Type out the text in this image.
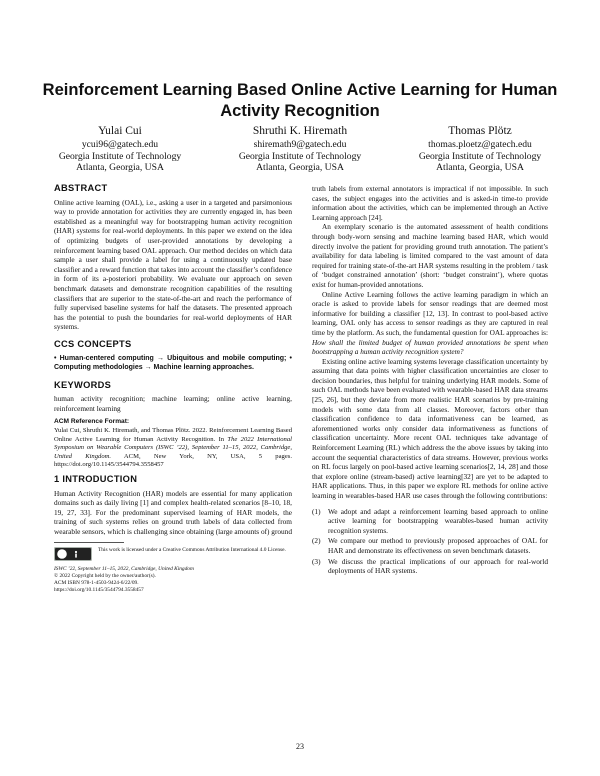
Reinforcement Learning Based Online Active Learning for Human Activity Recognition
Yulai Cui
ycui96@gatech.edu
Georgia Institute of Technology
Atlanta, Georgia, USA
Shruthi K. Hiremath
shiremath9@gatech.edu
Georgia Institute of Technology
Atlanta, Georgia, USA
Thomas Plötz
thomas.ploetz@gatech.edu
Georgia Institute of Technology
Atlanta, Georgia, USA
ABSTRACT

Online active learning (OAL), i.e., asking a user in a targeted and parsimonious way to provide annotation for activities they are currently engaged in, has been established as a meaningful way for bootstrapping human activity recognition (HAR) systems for real-world deployments. In this paper we extend on the idea of optimizing budgets of user-provided annotations by developing a reinforcement learning based OAL approach. Our method decides on which data sample a user shall provide a label for using a continuously updated base classifier and a reward function that takes into account the classifier’s confidence in form of its a-posteriori probability. We evaluate our approach on seven benchmark datasets and demonstrate recognition capabilities of the resulting classifiers that are superior to the state-of-the-art and reach the performance of fully supervised baseline systems for half the datasets. The presented approach has the potential to push the boundaries for real-world deployments of HAR systems.

CCS CONCEPTS

• Human-centered computing → Ubiquitous and mobile computing; • Computing methodologies → Machine learning approaches.

KEYWORDS

human activity recognition; machine learning; online active learning, reinforcement learning

ACM Reference Format:
Yulai Cui, Shruthi K. Hiremath, and Thomas Plötz. 2022. Reinforcement Learning Based Online Active Learning for Human Activity Recognition. In The 2022 International Symposium on Wearable Computers (ISWC ’22), September 11–15, 2022, Cambridge, United Kingdom. ACM, New York, NY, USA, 5 pages. https://doi.org/10.1145/3544794.3558457
1 INTRODUCTION

Human Activity Recognition (HAR) models are essential for many application domains such as daily living [1] and complex health-related scenarios [8–10, 18, 19, 27, 33]. For the predominant supervised learning of HAR models, the training of such systems relies on ground truth labels of data collected from wearable sensors, which is challenging since obtaining (large amounts of) ground

This work is licensed under a Creative Commons Attribution International 4.0 License.
ISWC ’22, September 11–15, 2022, Cambridge, United Kingdom
© 2022 Copyright held by the owner/author(s).
ACM ISBN 978-1-4503-9424-6/22/09.
https://doi.org/10.1145/3544794.3558457

truth labels from external annotators is impractical if not impossible. In such cases, the subject engages into the activities and is asked-in time-to provide information about the activities, which can be implemented through an Active Learning approach [24].

An exemplary scenario is the automated assessment of health conditions through body-worn sensing and machine learning based HAR, which would directly involve the patient for providing ground truth annotation. The patient’s availability for data labeling is limited compared to the vast amount of data required for training state-of-the-art HAR systems resulting in the problem / task of ‘budget constrained annotation’ (short: ‘budget constraint’), where quotas exist for human-provided annotations.

Online Active Learning follows the active learning paradigm in which an oracle is asked to provide labels for sensor readings that are deemed most informative for building a classifier [12, 13]. In contrast to pool-based active learning, OAL only has access to sensor readings as they are captured in real time by the platform. As such, the fundamental question for OAL approaches is: How shall the limited budget of human provided annotations be spent when bootstrapping a human activity recognition system?

Existing online active learning systems leverage classification uncertainty by assuming that data points with higher classification uncertainties are closer to decision boundaries, thus helpful for training underlying HAR models. Some of such OAL methods have been evaluated with wearable-based HAR data streams [25, 26], but they deviate from more realistic HAR scenarios by pre-training models with some data from all classes. Moreover, factors other than classification confidence to data informativeness can be learned, as aforementioned works only consider data informativeness as functions of classification uncertainty. More recent OAL techniques take advantage of Reinforcement Learning (RL) which address the the above issues by taking into account the sequential characteristics of data streams. However, previous works on RL focus largely on pool-based active learning scenarios[2, 14, 28] and those that explore online (stream-based) active learning[32] are yet to be adapted to HAR applications. Thus, in this paper we explore RL methods for online active learning in wearables-based HAR use cases through the following contributions:

(1)	We adopt and adapt a reinforcement learning based approach to online active learning for bootstrapping wearables-based human activity recognition systems.
(2)	We compare our method to previously proposed approaches of OAL for HAR and demonstrate its effectiveness on seven benchmark datasets.
(3)	We discuss the practical implications of our approach for real-world deployments of HAR systems.
23
